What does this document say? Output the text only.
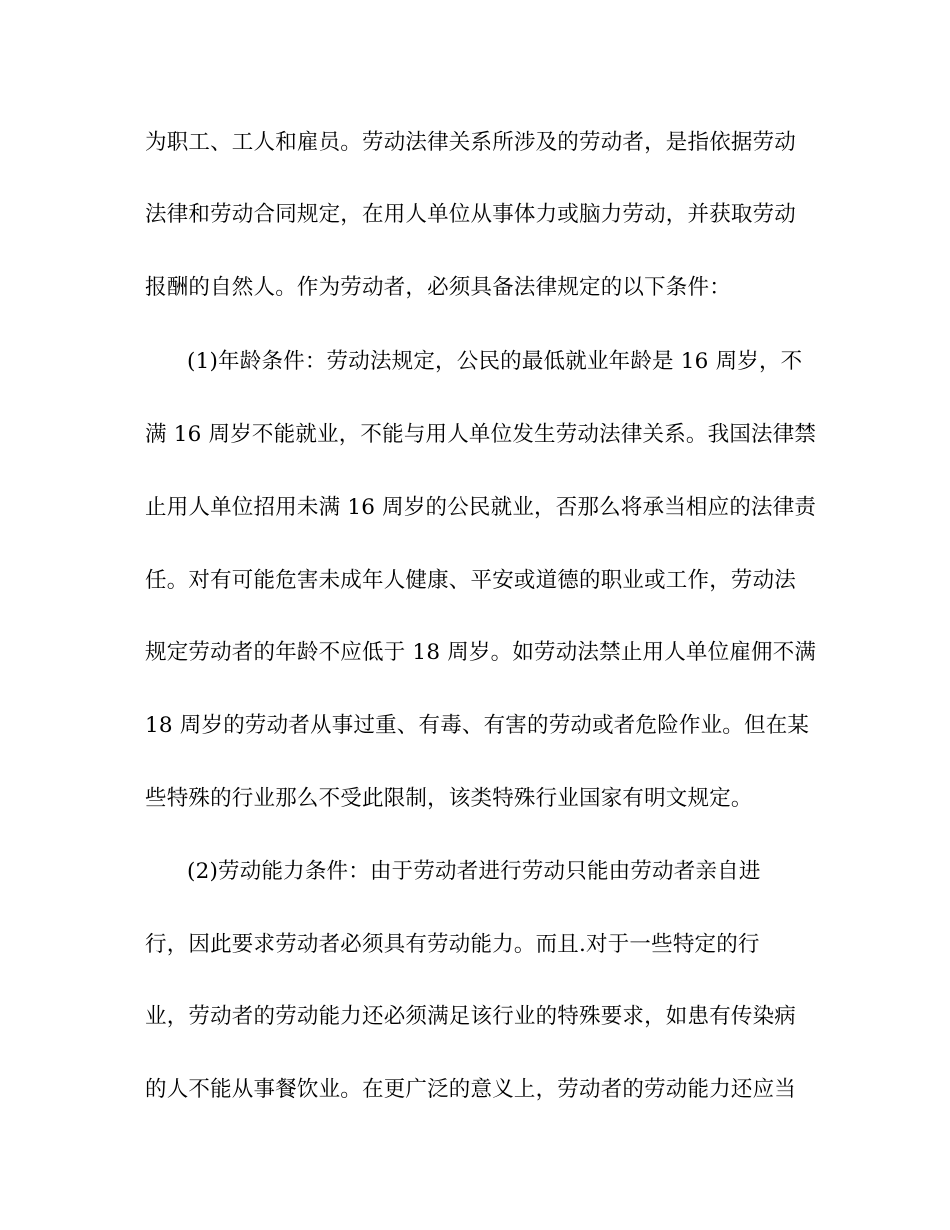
为职工、工人和雇员。劳动法律关系所涉及的劳动者，是指依据劳动
法律和劳动合同规定，在用人单位从事体力或脑力劳动，并获取劳动
报酬的自然人。作为劳动者，必须具备法律规定的以下条件：
(1)年龄条件：劳动法规定，公民的最低就业年龄是 16 周岁，不
满 16 周岁不能就业，不能与用人单位发生劳动法律关系。我国法律禁
止用人单位招用未满 16 周岁的公民就业，否那么将承当相应的法律责
任。对有可能危害未成年人健康、平安或道德的职业或工作，劳动法
规定劳动者的年龄不应低于 18 周岁。如劳动法禁止用人单位雇佣不满
18 周岁的劳动者从事过重、有毒、有害的劳动或者危险作业。但在某
些特殊的行业那么不受此限制，该类特殊行业国家有明文规定。
(2)劳动能力条件：由于劳动者进行劳动只能由劳动者亲自进
行，因此要求劳动者必须具有劳动能力。而且.对于一些特定的行
业，劳动者的劳动能力还必须满足该行业的特殊要求，如患有传染病
的人不能从事餐饮业。在更广泛的意义上，劳动者的劳动能力还应当
